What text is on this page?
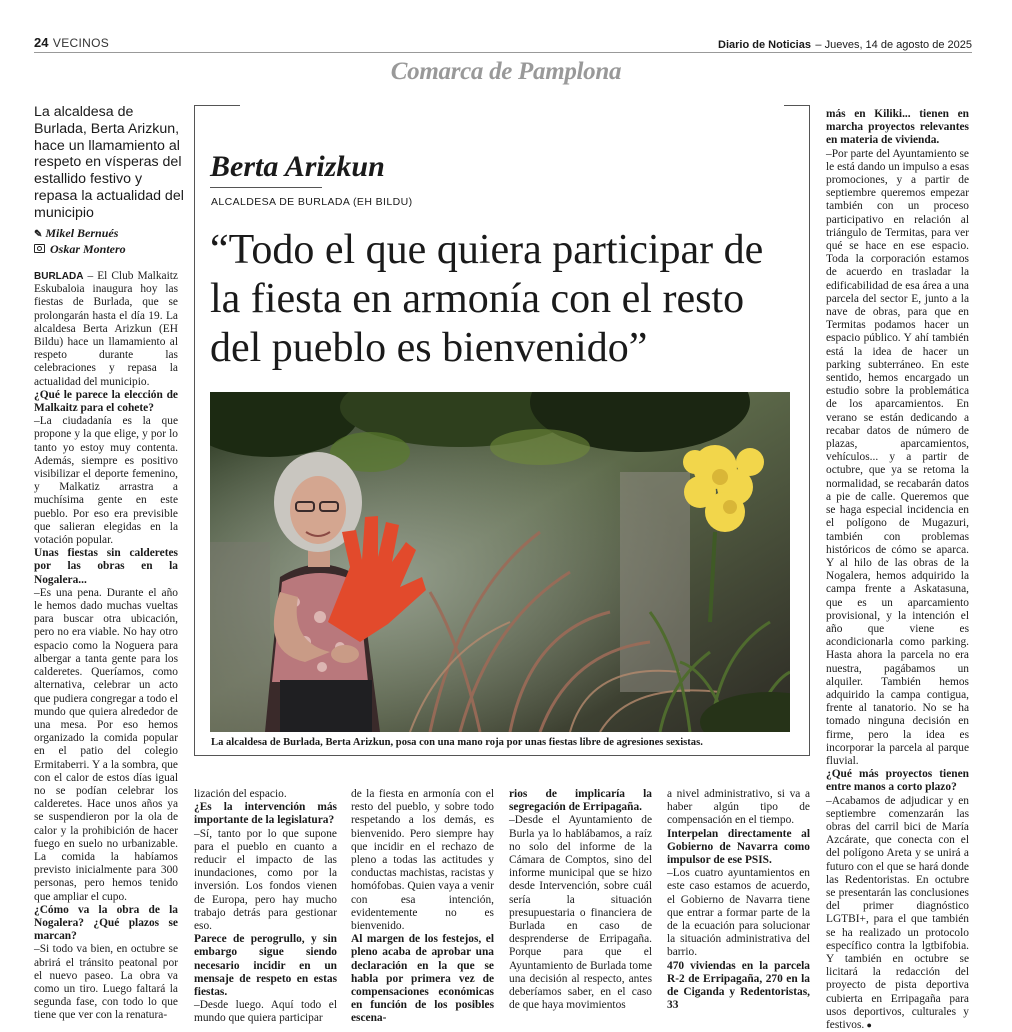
24 VECINOS	Diario de Noticias – Jueves, 14 de agosto de 2025
Comarca de Pamplona
La alcaldesa de Burlada, Berta Arizkun, hace un llamamiento al respeto en vísperas del estallido festivo y repasa la actualidad del municipio
✎ Mikel Bernués
Oskar Montero
Berta Arizkun
ALCALDESA DE BURLADA (EH BILDU)
“Todo el que quiera participar de la fiesta en armonía con el resto del pueblo es bienvenido”
La alcaldesa de Burlada, Berta Arizkun, posa con una mano roja por unas fiestas libre de agresiones sexistas.

BURLADA – El Club Malkaitz Eskubaloia inaugura hoy las fiestas de Burlada, que se prolongarán hasta el día 19. La alcaldesa Berta Arizkun (EH Bildu) hace un llamamiento al respeto durante las celebraciones y repasa la actualidad del municipio.

¿Qué le parece la elección de Malkaitz para el cohete?

–La ciudadanía es la que propone y la que elige, y por lo tanto yo estoy muy contenta. Además, siempre es positivo visibilizar el deporte femenino, y Malkatiz arrastra a muchísima gente en este pueblo. Por eso era previsible que salieran elegidas en la votación popular.

Unas fiestas sin calderetes por las obras en la Nogalera...

–Es una pena. Durante el año le hemos dado muchas vueltas para buscar otra ubicación, pero no era viable. No hay otro espacio como la Noguera para albergar a tanta gente para los calderetes. Queríamos, como alternativa, celebrar un acto que pudiera congregar a todo el mundo que quiera alrededor de una mesa. Por eso hemos organizado la comida popular en el patio del colegio Ermitaberri. Y a la sombra, que con el calor de estos días igual no se podían celebrar los calderetes. Hace unos años ya se suspendieron por la ola de calor y la prohibición de hacer fuego en suelo no urbanizable. La comida la habíamos previsto inicialmente para 300 personas, pero hemos tenido que ampliar el cupo.

¿Cómo va la obra de la Nogalera? ¿Qué plazos se marcan?

–Si todo va bien, en octubre se abrirá el tránsito peatonal por el nuevo paseo. La obra va como un tiro. Luego faltará la segunda fase, con todo lo que tiene que ver con la renatura-

lización del espacio.

¿Es la intervención más importante de la legislatura?

–Sí, tanto por lo que supone para el pueblo en cuanto a reducir el impacto de las inundaciones, como por la inversión. Los fondos vienen de Europa, pero hay mucho trabajo detrás para gestionar eso.

Parece de perogrullo, y sin embargo sigue siendo necesario incidir en un mensaje de respeto en estas fiestas.

–Desde luego. Aquí todo el mundo que quiera participar

de la fiesta en armonía con el resto del pueblo, y sobre todo respetando a los demás, es bienvenido. Pero siempre hay que incidir en el rechazo de pleno a todas las actitudes y conductas machistas, racistas y homófobas. Quien vaya a venir con esa intención, evidentemente no es bienvenido.

Al margen de los festejos, el pleno acaba de aprobar una declaración en la que se habla por primera vez de compensaciones económicas en función de los posibles escena-

rios de implicaría la segregación de Erripagaña.

–Desde el Ayuntamiento de Burla ya lo hablábamos, a raíz no solo del informe de la Cámara de Comptos, sino del informe municipal que se hizo desde Intervención, sobre cuál sería la situación presupuestaria o financiera de Burlada en caso de desprenderse de Erripagaña. Porque para que el Ayuntamiento de Burlada tome una decisión al respecto, antes deberíamos saber, en el caso de que haya movimientos

a nivel administrativo, si va a haber algún tipo de compensación en el tiempo.

Interpelan directamente al Gobierno de Navarra como impulsor de ese PSIS.

–Los cuatro ayuntamientos en este caso estamos de acuerdo, el Gobierno de Navarra tiene que entrar a formar parte de la de la ecuación para solucionar la situación administrativa del barrio.

470 viviendas en la parcela R-2 de Erripagaña, 270 en la de Ciganda y Redentoristas, 33

más en Kiliki... tienen en marcha proyectos relevantes en materia de vivienda.

–Por parte del Ayuntamiento se le está dando un impulso a esas promociones, y a partir de septiembre queremos empezar también con un proceso participativo en relación al triángulo de Termitas, para ver qué se hace en ese espacio. Toda la corporación estamos de acuerdo en trasladar la edificabilidad de esa área a una parcela del sector E, junto a la nave de obras, para que en Termitas podamos hacer un espacio público. Y ahí también está la idea de hacer un parking subterráneo. En este sentido, hemos encargado un estudio sobre la problemática de los aparcamientos. En verano se están dedicando a recabar datos de número de plazas, aparcamientos, vehículos... y a partir de octubre, que ya se retoma la normalidad, se recabarán datos a pie de calle. Queremos que se haga especial incidencia en el polígono de Mugazuri, también con problemas históricos de cómo se aparca. Y al hilo de las obras de la Nogalera, hemos adquirido la campa frente a Askatasuna, que es un aparcamiento provisional, y la intención el año que viene es acondicionarla como parking. Hasta ahora la parcela no era nuestra, pagábamos un alquiler. También hemos adquirido la campa contigua, frente al tanatorio. No se ha tomado ninguna decisión en firme, pero la idea es incorporar la parcela al parque fluvial.

¿Qué más proyectos tienen entre manos a corto plazo?

–Acabamos de adjudicar y en septiembre comenzarán las obras del carril bici de María Azcárate, que conecta con el del polígono Areta y se unirá a futuro con el que se hará donde las Redentoristas. En octubre se presentarán las conclusiones del primer diagnóstico LGTBI+, para el que también se ha realizado un protocolo específico contra la lgtbifobia. Y también en octubre se licitará la redacción del proyecto de pista deportiva cubierta en Erripagaña para usos deportivos, culturales y festivos. ●
